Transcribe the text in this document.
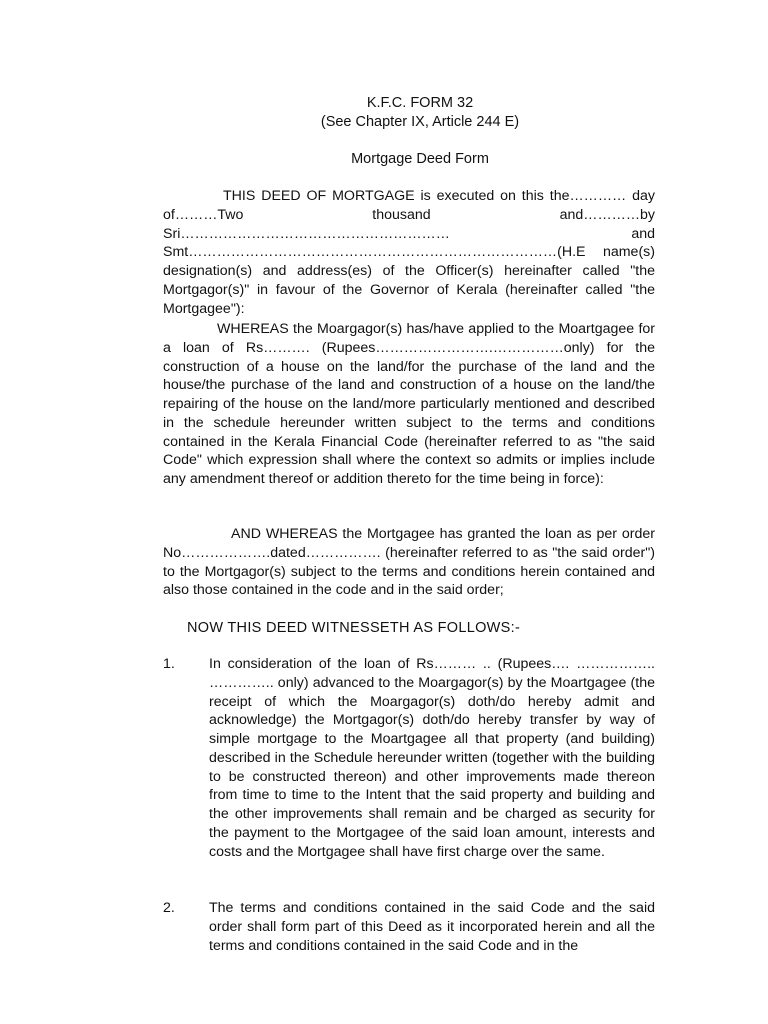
K.F.C. FORM 32
(See Chapter IX, Article 244 E)
Mortgage Deed Form

THIS DEED OF MORTGAGE is executed on this the………… day of………Two thousand and…………by Sri………………………………………………… and Smt……………………………………………………………………(H.E name(s) designation(s) and address(es) of the Officer(s) hereinafter called "the Mortgagor(s)" in favour of the Governor of Kerala (hereinafter called "the Mortgagee"):

WHEREAS the Moargagor(s) has/have applied to the Moartgagee for a loan of Rs………. (Rupees…………………….……………only) for the construction of a house on the land/for the purchase of the land and the house/the purchase of the land and construction of a house on the land/the repairing of the house on the land/more particularly mentioned and described in the schedule hereunder written subject to the terms and conditions contained in the Kerala Financial Code (hereinafter referred to as "the said Code" which expression shall where the context so admits or implies include any amendment thereof or addition thereto for the time being in force):

AND WHEREAS the Mortgagee has granted the loan as per order No……………….dated……………. (hereinafter referred to as "the said order") to the Mortgagor(s) subject to the terms and conditions herein contained and also those contained in the code and in the said order;

NOW THIS DEED WITNESSETH AS FOLLOWS:-

1. In consideration of the loan of Rs……… .. (Rupees…. …………….. ………….. only) advanced to the Moargagor(s) by the Moartgagee (the receipt of which the Moargagor(s) doth/do hereby admit and acknowledge) the Mortgagor(s) doth/do hereby transfer by way of simple mortgage to the Moartgagee all that property (and building) described in the Schedule hereunder written (together with the building to be constructed thereon) and other improvements made thereon from time to time to the Intent that the said property and building and the other improvements shall remain and be charged as security for the payment to the Mortgagee of the said loan amount, interests and costs and the Mortgagee shall have first charge over the same.
2. The terms and conditions contained in the said Code and the said order shall form part of this Deed as it incorporated herein and all the terms and conditions contained in the said Code and in the
